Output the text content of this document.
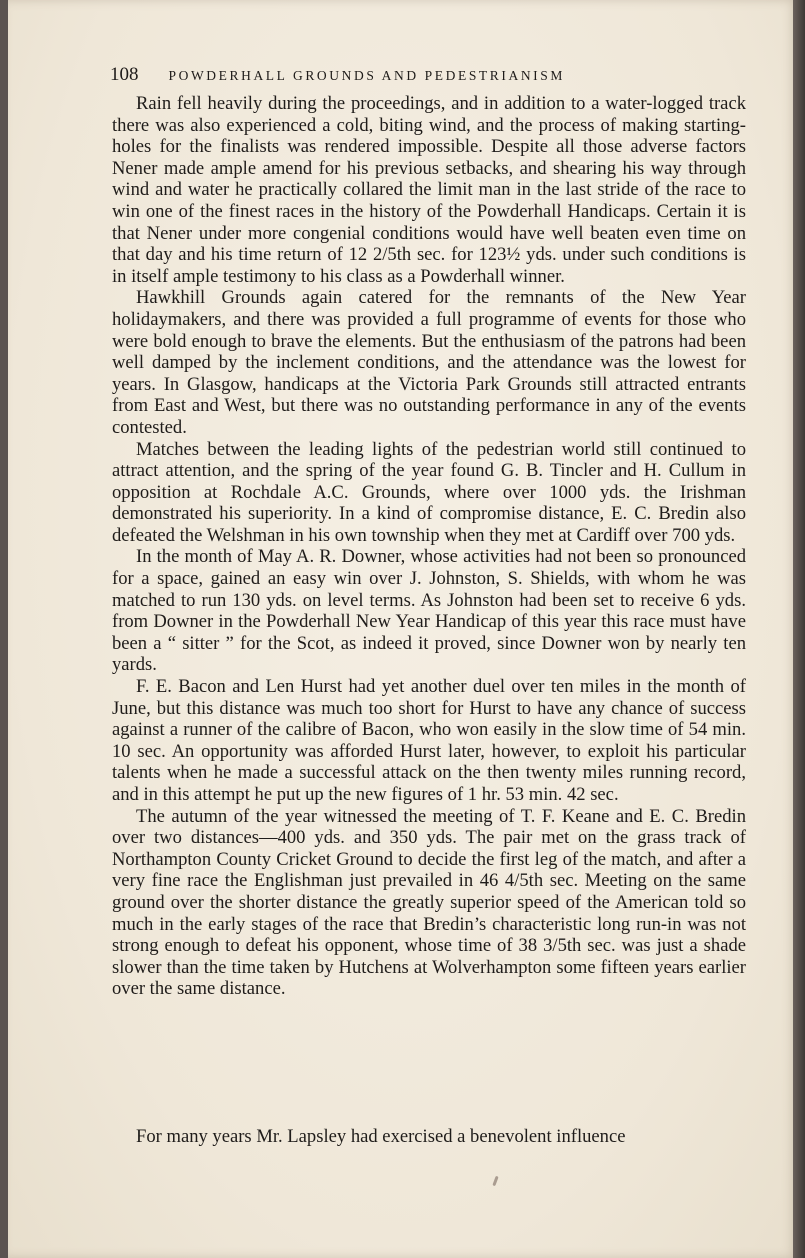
108 POWDERHALL GROUNDS AND PEDESTRIANISM

Rain fell heavily during the proceedings, and in addition to a water-logged track there was also experienced a cold, biting wind, and the process of making starting-holes for the finalists was rendered impossible. Despite all those adverse factors Nener made ample amend for his previous setbacks, and shearing his way through wind and water he practically collared the limit man in the last stride of the race to win one of the finest races in the history of the Powderhall Handicaps. Certain it is that Nener under more congenial conditions would have well beaten even time on that day and his time return of 12 2/5th sec. for 123½ yds. under such conditions is in itself ample testimony to his class as a Powderhall winner.

Hawkhill Grounds again catered for the remnants of the New Year holidaymakers, and there was provided a full programme of events for those who were bold enough to brave the elements. But the enthusiasm of the patrons had been well damped by the inclement conditions, and the attendance was the lowest for years. In Glasgow, handicaps at the Victoria Park Grounds still attracted entrants from East and West, but there was no outstanding performance in any of the events contested.

Matches between the leading lights of the pedestrian world still continued to attract attention, and the spring of the year found G. B. Tincler and H. Cullum in opposition at Rochdale A.C. Grounds, where over 1000 yds. the Irishman demonstrated his superiority. In a kind of compromise distance, E. C. Bredin also defeated the Welshman in his own township when they met at Cardiff over 700 yds.

In the month of May A. R. Downer, whose activities had not been so pronounced for a space, gained an easy win over J. Johnston, S. Shields, with whom he was matched to run 130 yds. on level terms. As Johnston had been set to receive 6 yds. from Downer in the Powderhall New Year Handicap of this year this race must have been a “ sitter ” for the Scot, as indeed it proved, since Downer won by nearly ten yards.

F. E. Bacon and Len Hurst had yet another duel over ten miles in the month of June, but this distance was much too short for Hurst to have any chance of success against a runner of the calibre of Bacon, who won easily in the slow time of 54 min. 10 sec. An opportunity was afforded Hurst later, however, to exploit his particular talents when he made a successful attack on the then twenty miles running record, and in this attempt he put up the new figures of 1 hr. 53 min. 42 sec.

The autumn of the year witnessed the meeting of T. F. Keane and E. C. Bredin over two distances—400 yds. and 350 yds. The pair met on the grass track of Northampton County Cricket Ground to decide the first leg of the match, and after a very fine race the Englishman just prevailed in 46 4/5th sec. Meeting on the same ground over the shorter distance the greatly superior speed of the American told so much in the early stages of the race that Bredin’s characteristic long run-in was not strong enough to defeat his opponent, whose time of 38 3/5th sec. was just a shade slower than the time taken by Hutchens at Wolverhampton some fifteen years earlier over the same distance.

For many years Mr. Lapsley had exercised a benevolent influence
